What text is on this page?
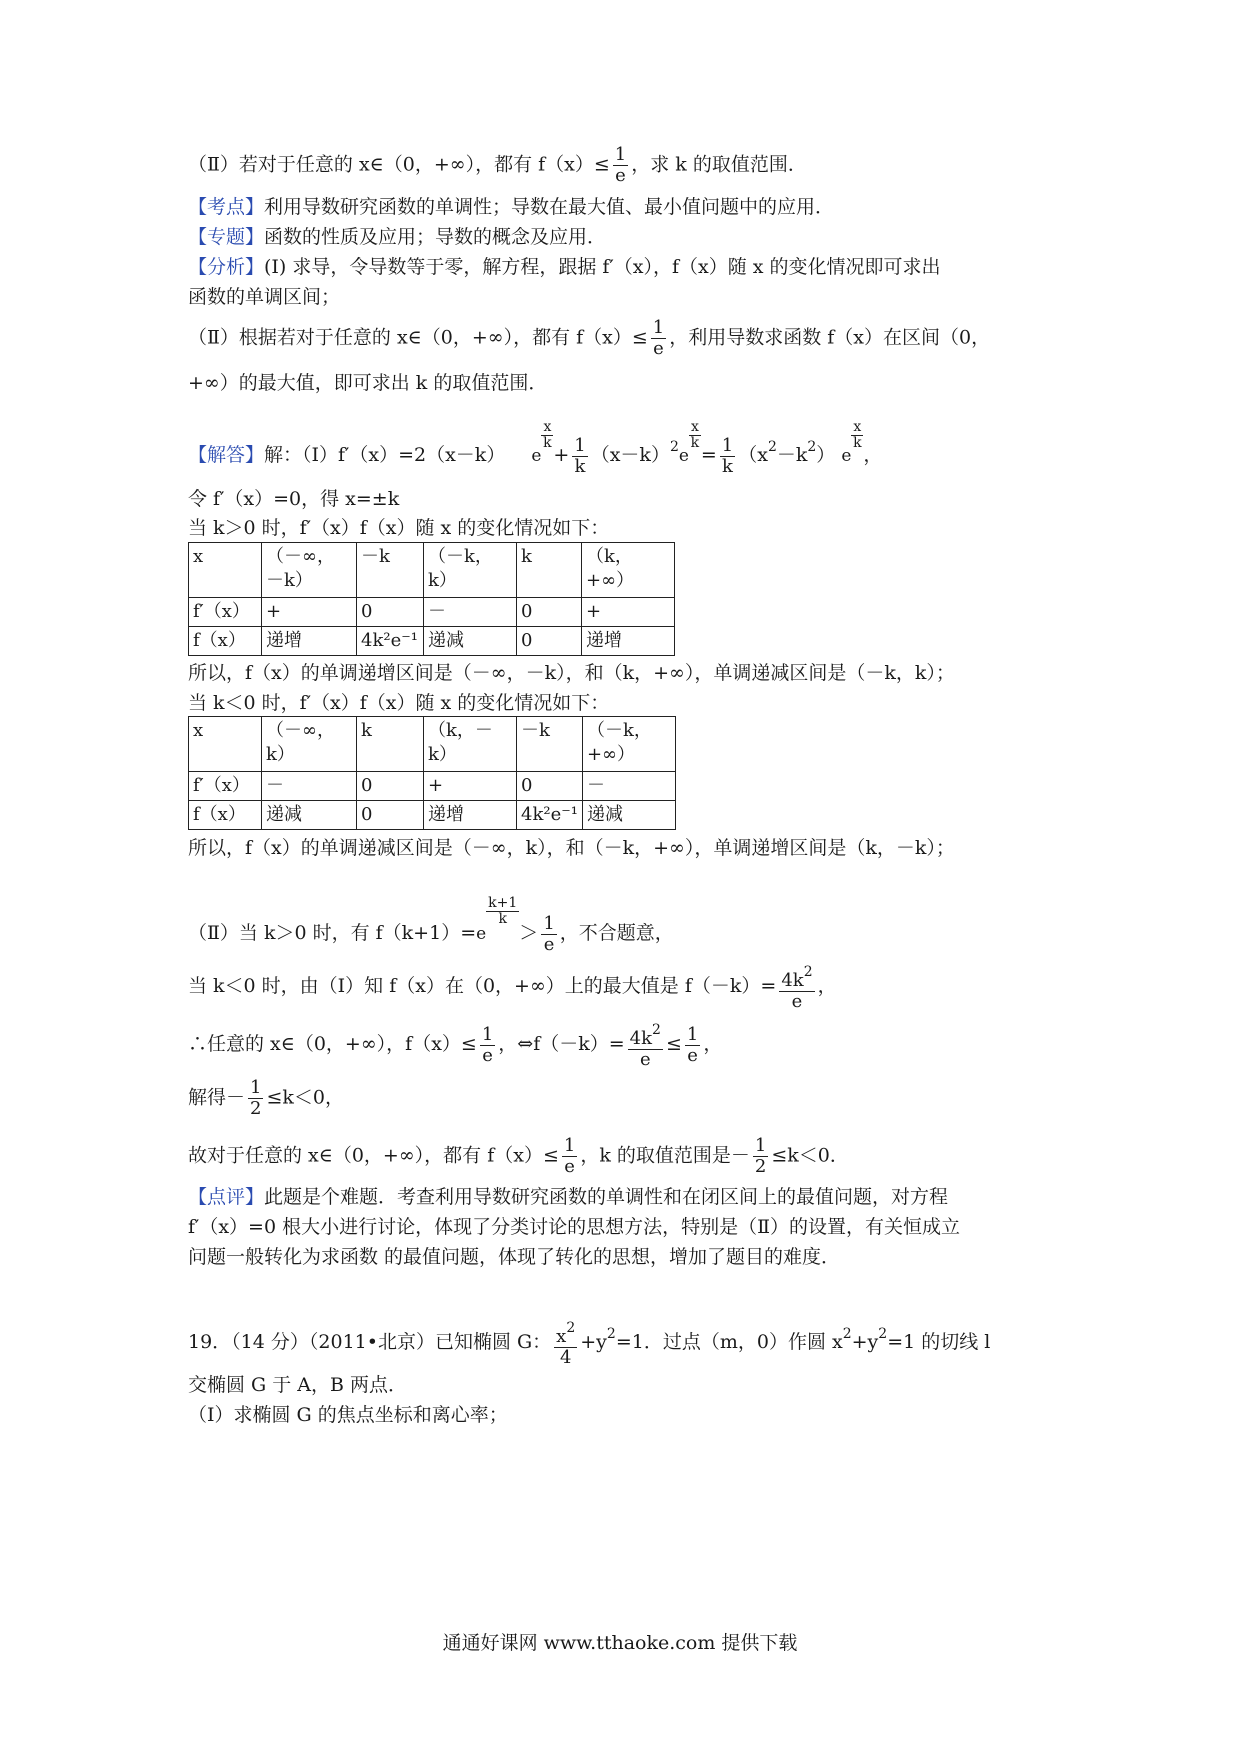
（Ⅱ）若对于任意的 x∈（0，+∞），都有 $f(x)\le \frac{1}{e}$ ，求 k 的取值范围．
【考点】利用导数研究函数的单调性；导数在最大值、最小值问题中的应用．
【专题】函数的性质及应用；导数的概念及应用．
【分析】(I) 求导，令导数等于零，解方程，跟据 f′（x），f（x）随 x 的变化情况即可求出
函数的单调区间；
（Ⅱ）根据若对于任意的 x∈（0，+∞），都有 $f(x)\le \frac{1}{e}$ ，利用导数求函数 f（x）在区间（0，
+∞）的最大值，即可求出 k 的取值范围．
【解答】解：（Ⅰ）f′（x）=2（x－k） e
$\frac{x}{k}$
+ $\frac{1}{k} (x-k)^2e$
$\frac{x}{k}$
= $\frac{1}{k} (x^2-k^2)$ e
$\frac{x}{k}$
，
令 f′（x）=0，得 x=±k
当 k＞0 时，f′（x）f（x）随 x 的变化情况如下：
x	（－∞，－k）	－k	（－k，k）	k	（k，+∞）
f′（x）	+	0	－	0	+
f（x）	递增	4k²e⁻¹	递减	0	递增
所以，f（x）的单调递增区间是（－∞，－k），和（k，+∞），单调递减区间是（－k，k）；
当 k＜0 时，f′（x）f（x）随 x 的变化情况如下：
x	（－∞，k）	k	（k，－k）	－k	（－k，+∞）
f′（x）	－	0	+	0	－
f（x）	递减	0	递增	4k²e⁻¹	递减
所以，f（x）的单调递减区间是（－∞，k），和（－k，+∞），单调递增区间是（k，－k）；
（Ⅱ）当 k＞0 时，有 f（k+1）=e
$\frac{k+1}{k}$
＞ $\frac{1}{e}$ ，不合题意，
当 k＜0 时，由（I）知 f（x）在（0，+∞）上的最大值是 $f(-k)= \frac{4k^2}{e}$ ，
∴任意的 x∈（0，+∞），$f(x)\le \frac{1}{e}$ ，⇔f（－k）= $\frac{4k^2}{e} \le \frac{1}{e}$ ，
解得－ $\frac{1}{2} \le k<0$，
故对于任意的 x∈（0，+∞），都有 $f(x)\le \frac{1}{e}$ ，k 的取值范围是－ $\frac{1}{2} \le k<0$．
【点评】此题是个难题．考查利用导数研究函数的单调性和在闭区间上的最值问题，对方程
f′（x）=0 根大小进行讨论，体现了分类讨论的思想方法，特别是（Ⅱ）的设置，有关恒成立
问题一般转化为求函数 的最值问题，体现了转化的思想，增加了题目的难度．
19．（14 分）（2011•北京）已知椭圆 G： $\frac{x^2}{4} +y^2=1$．过点（m，0）作圆 $x^2+y^2=1$ 的切线 l
交椭圆 G 于 A，B 两点．
（Ⅰ）求椭圆 G 的焦点坐标和离心率；
通通好课网 www.tthaoke.com 提供下载
